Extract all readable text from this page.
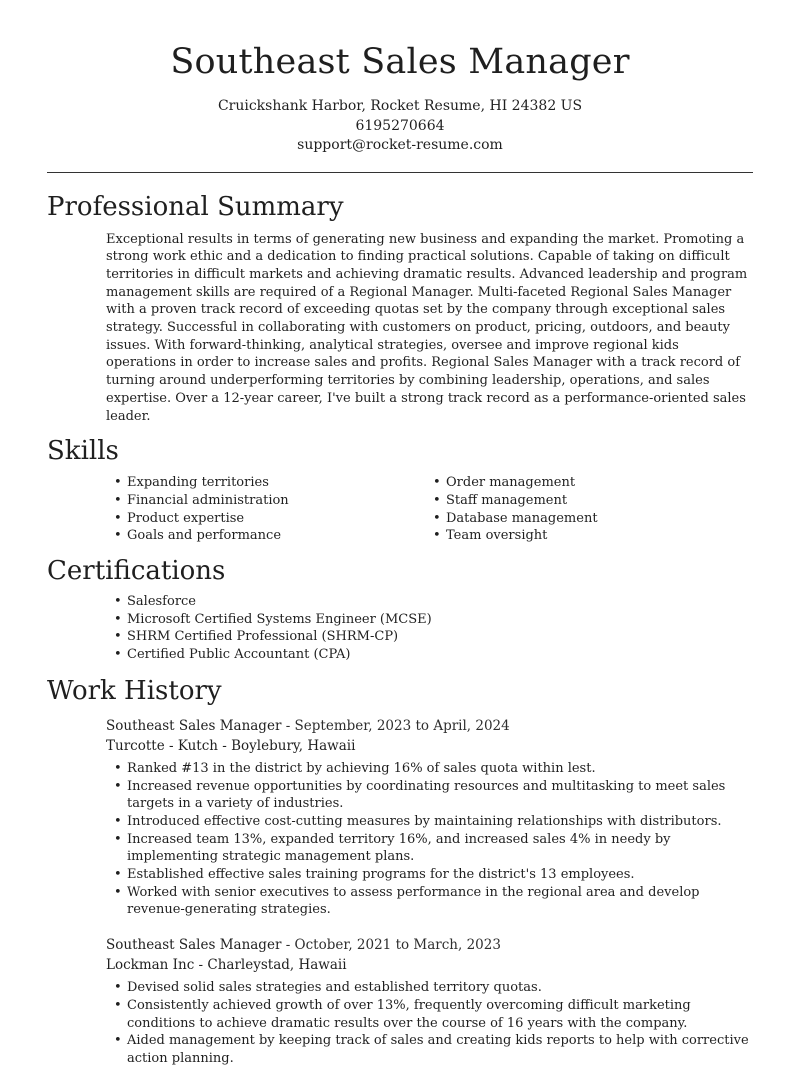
Southeast Sales Manager
Cruickshank Harbor, Rocket Resume, HI 24382 US
6195270664
support@rocket-resume.com
Professional Summary

Exceptional results in terms of generating new business and expanding the market. Promoting a strong work ethic and a dedication to finding practical solutions. Capable of taking on difficult territories in difficult markets and achieving dramatic results. Advanced leadership and program management skills are required of a Regional Manager. Multi-faceted Regional Sales Manager with a proven track record of exceeding quotas set by the company through exceptional sales strategy. Successful in collaborating with customers on product, pricing, outdoors, and beauty issues. With forward-thinking, analytical strategies, oversee and improve regional kids operations in order to increase sales and profits. Regional Sales Manager with a track record of turning around underperforming territories by combining leadership, operations, and sales expertise. Over a 12-year career, I've built a strong track record as a performance-oriented sales leader.

Skills
• Expanding territories
• Financial administration
• Product expertise
• Goals and performance
• Order management
• Staff management
• Database management
• Team oversight
Certifications
• Salesforce
• Microsoft Certified Systems Engineer (MCSE)
• SHRM Certified Professional (SHRM-CP)
• Certified Public Accountant (CPA)
Work History
Southeast Sales Manager - September, 2023 to April, 2024
Turcotte - Kutch - Boylebury, Hawaii
• Ranked #13 in the district by achieving 16% of sales quota within lest.
• Increased revenue opportunities by coordinating resources and multitasking to meet sales targets in a variety of industries.
• Introduced effective cost-cutting measures by maintaining relationships with distributors.
• Increased team 13%, expanded territory 16%, and increased sales 4% in needy by implementing strategic management plans.
• Established effective sales training programs for the district's 13 employees.
• Worked with senior executives to assess performance in the regional area and develop revenue-generating strategies.
Southeast Sales Manager - October, 2021 to March, 2023
Lockman Inc - Charleystad, Hawaii
• Devised solid sales strategies and established territory quotas.
• Consistently achieved growth of over 13%, frequently overcoming difficult marketing conditions to achieve dramatic results over the course of 16 years with the company.
• Aided management by keeping track of sales and creating kids reports to help with corrective action planning.
